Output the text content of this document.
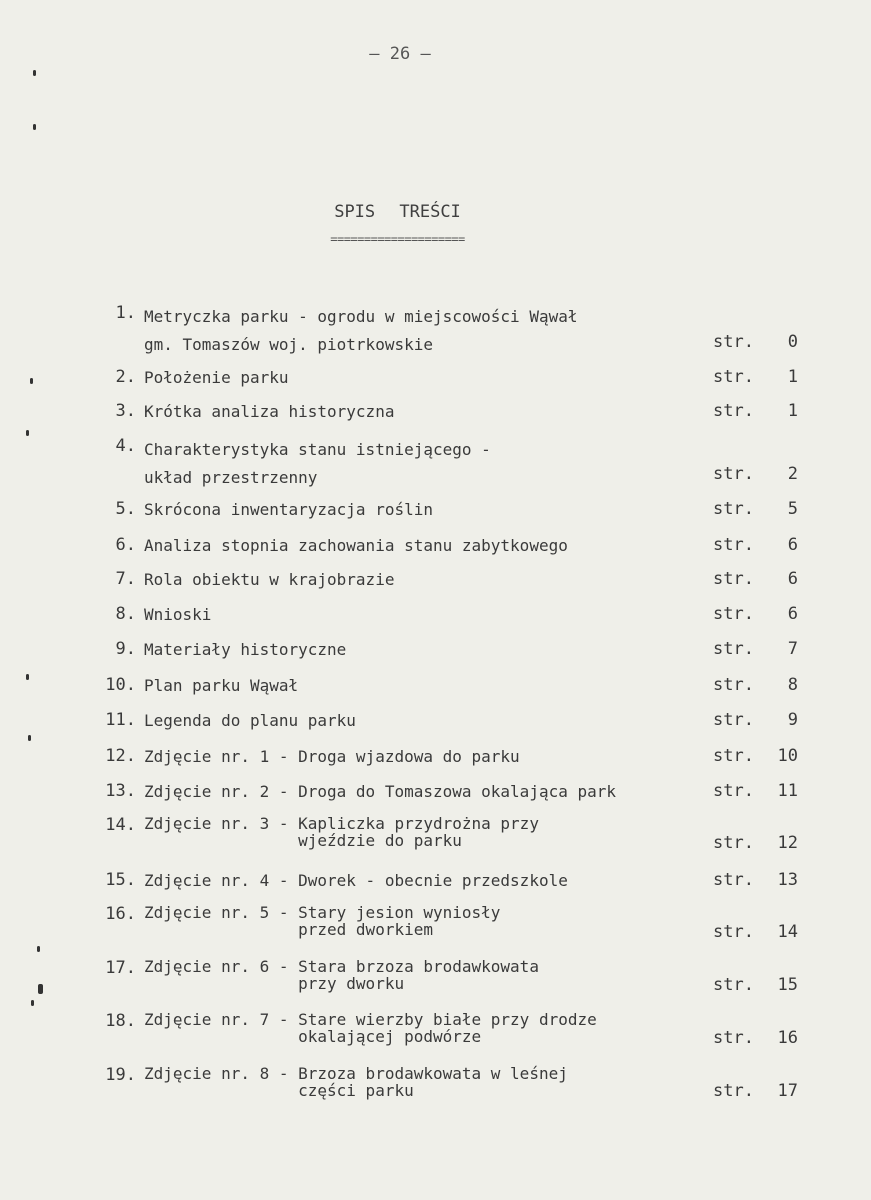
– 26 –
SPIS TREŚCI
====================
1. Metryczka parku - ogrodu w miejscowości Wąwał
gm. Tomaszów woj. piotrkowskie	str. 0
2. Położenie parku	str. 1
3. Krótka analiza historyczna	str. 1
4. Charakterystyka stanu istniejącego -
układ przestrzenny	str. 2
5. Skrócona inwentaryzacja roślin	str. 5
6. Analiza stopnia zachowania stanu zabytkowego	str. 6
7. Rola obiektu w krajobrazie	str. 6
8. Wnioski	str. 6
9. Materiały historyczne	str. 7
10. Plan parku Wąwał	str. 8
11. Legenda do planu parku	str. 9
12. Zdjęcie nr. 1 - Droga wjazdowa do parku	str. 10
13. Zdjęcie nr. 2 - Droga do Tomaszowa okalająca park	str. 11
14. Zdjęcie nr. 3 - Kapliczka przydrożna przy
wjeździe do parku	str. 12
15. Zdjęcie nr. 4 - Dworek - obecnie przedszkole	str. 13
16. Zdjęcie nr. 5 - Stary jesion wyniosły
przed dworkiem	str. 14
17. Zdjęcie nr. 6 - Stara brzoza brodawkowata
przy dworku	str. 15
18. Zdjęcie nr. 7 - Stare wierzby białe przy drodze
okalającej podwórze	str. 16
19. Zdjęcie nr. 8 - Brzoza brodawkowata w leśnej
części parku	str. 17
